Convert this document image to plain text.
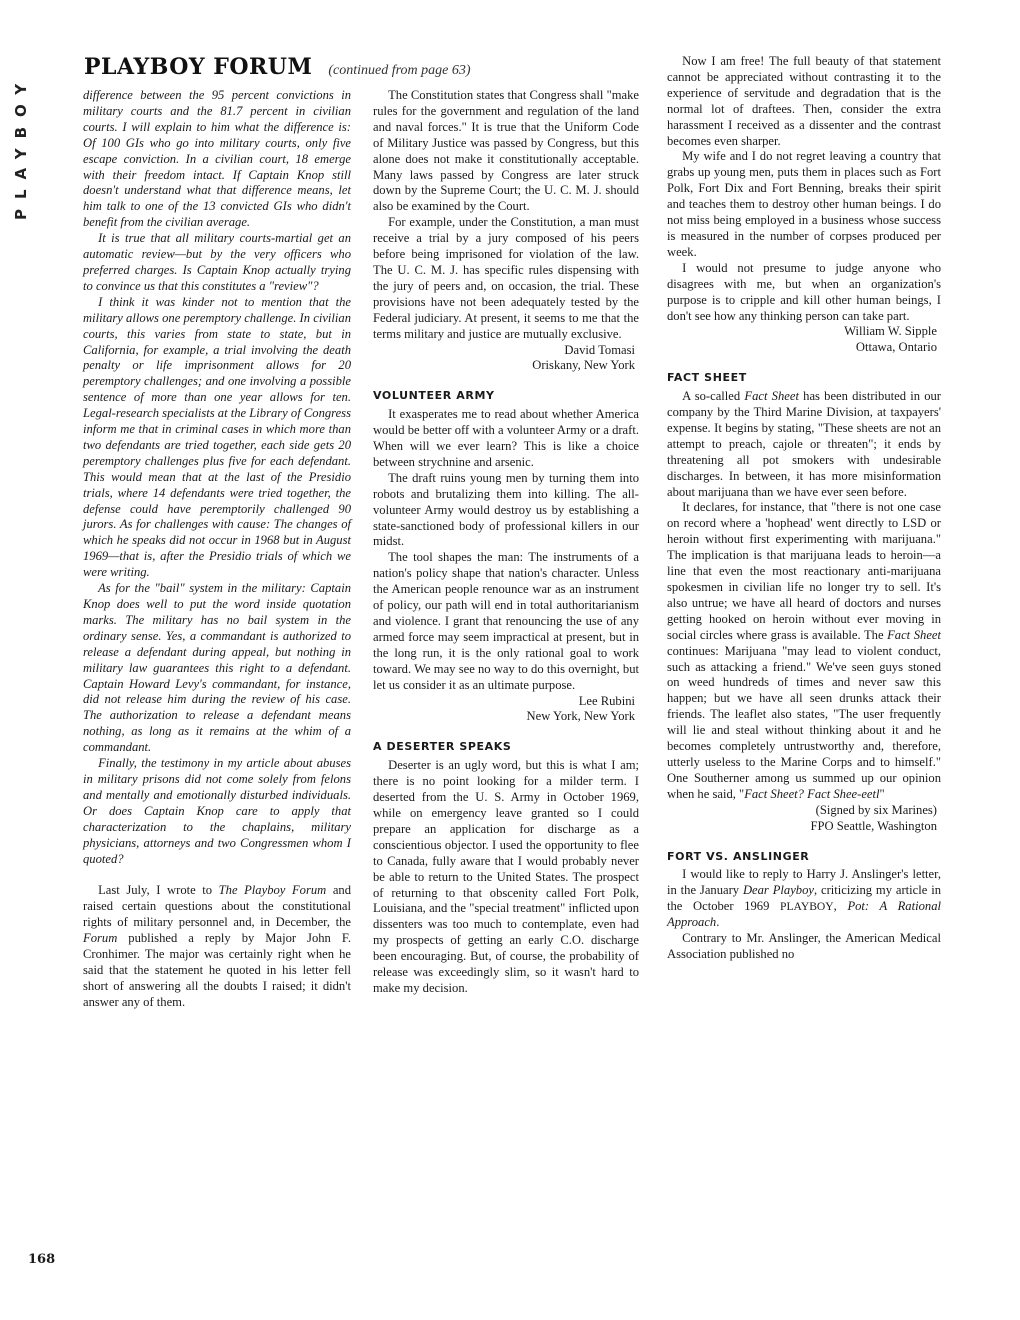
PLAYBOY
PLAYBOY FORUM (continued from page 63)
168

difference between the 95 percent convictions in military courts and the 81.7 percent in civilian courts. I will explain to him what the difference is: Of 100 GIs who go into military courts, only five escape conviction. In a civilian court, 18 emerge with their freedom intact. If Captain Knop still doesn't understand what that difference means, let him talk to one of the 13 convicted GIs who didn't benefit from the civilian average.

It is true that all military courts-martial get an automatic review—but by the very officers who preferred charges. Is Captain Knop actually trying to convince us that this constitutes a "review"?

I think it was kinder not to mention that the military allows one peremptory challenge. In civilian courts, this varies from state to state, but in California, for example, a trial involving the death penalty or life imprisonment allows for 20 peremptory challenges; and one involving a possible sentence of more than one year allows for ten. Legal-research specialists at the Library of Congress inform me that in criminal cases in which more than two defendants are tried together, each side gets 20 peremptory challenges plus five for each defendant. This would mean that at the last of the Presidio trials, where 14 defendants were tried together, the defense could have peremptorily challenged 90 jurors. As for challenges with cause: The changes of which he speaks did not occur in 1968 but in August 1969—that is, after the Presidio trials of which we were writing.

As for the "bail" system in the military: Captain Knop does well to put the word inside quotation marks. The military has no bail system in the ordinary sense. Yes, a commandant is authorized to release a defendant during appeal, but nothing in military law guarantees this right to a defendant. Captain Howard Levy's commandant, for instance, did not release him during the review of his case. The authorization to release a defendant means nothing, as long as it remains at the whim of a commandant.

Finally, the testimony in my article about abuses in military prisons did not come solely from felons and mentally and emotionally disturbed individuals. Or does Captain Knop care to apply that characterization to the chaplains, military physicians, attorneys and two Congressmen whom I quoted?

Last July, I wrote to The Playboy Forum and raised certain questions about the constitutional rights of military personnel and, in December, the Forum published a reply by Major John F. Cronhimer. The major was certainly right when he said that the statement he quoted in his letter fell short of answering all the doubts I raised; it didn't answer any of them.

The Constitution states that Congress shall "make rules for the government and regulation of the land and naval forces." It is true that the Uniform Code of Military Justice was passed by Congress, but this alone does not make it constitutionally acceptable. Many laws passed by Congress are later struck down by the Supreme Court; the U. C. M. J. should also be examined by the Court.

For example, under the Constitution, a man must receive a trial by a jury composed of his peers before being imprisoned for violation of the law. The U. C. M. J. has specific rules dispensing with the jury of peers and, on occasion, the trial. These provisions have not been adequately tested by the Federal judiciary. At present, it seems to me that the terms military and justice are mutually exclusive.

David Tomasi
Oriskany, New York
VOLUNTEER ARMY

It exasperates me to read about whether America would be better off with a volunteer Army or a draft. When will we ever learn? This is like a choice between strychnine and arsenic.

The draft ruins young men by turning them into robots and brutalizing them into killing. The all-volunteer Army would destroy us by establishing a state-sanctioned body of professional killers in our midst.

The tool shapes the man: The instruments of a nation's policy shape that nation's character. Unless the American people renounce war as an instrument of policy, our path will end in total authoritarianism and violence. I grant that renouncing the use of any armed force may seem impractical at present, but in the long run, it is the only rational goal to work toward. We may see no way to do this overnight, but let us consider it as an ultimate purpose.

Lee Rubini
New York, New York
A DESERTER SPEAKS

Deserter is an ugly word, but this is what I am; there is no point looking for a milder term. I deserted from the U. S. Army in October 1969, while on emergency leave granted so I could prepare an application for discharge as a conscientious objector. I used the opportunity to flee to Canada, fully aware that I would probably never be able to return to the United States. The prospect of returning to that obscenity called Fort Polk, Louisiana, and the "special treatment" inflicted upon dissenters was too much to contemplate, even had my prospects of getting an early C.O. discharge been encouraging. But, of course, the probability of release was exceedingly slim, so it wasn't hard to make my decision.

Now I am free! The full beauty of that statement cannot be appreciated without contrasting it to the experience of servitude and degradation that is the normal lot of draftees. Then, consider the extra harassment I received as a dissenter and the contrast becomes even sharper.

My wife and I do not regret leaving a country that grabs up young men, puts them in places such as Fort Polk, Fort Dix and Fort Benning, breaks their spirit and teaches them to destroy other human beings. I do not miss being employed in a business whose success is measured in the number of corpses produced per week.

I would not presume to judge anyone who disagrees with me, but when an organization's purpose is to cripple and kill other human beings, I don't see how any thinking person can take part.

William W. Sipple
Ottawa, Ontario
FACT SHEET

A so-called Fact Sheet has been distributed in our company by the Third Marine Division, at taxpayers' expense. It begins by stating, "These sheets are not an attempt to preach, cajole or threaten"; it ends by threatening all pot smokers with undesirable discharges. In between, it has more misinformation about marijuana than we have ever seen before.

It declares, for instance, that "there is not one case on record where a 'hophead' went directly to LSD or heroin without first experimenting with marijuana." The implication is that marijuana leads to heroin—a line that even the most reactionary anti-marijuana spokesmen in civilian life no longer try to sell. It's also untrue; we have all heard of doctors and nurses getting hooked on heroin without ever moving in social circles where grass is available. The Fact Sheet continues: Marijuana "may lead to violent conduct, such as attacking a friend." We've seen guys stoned on weed hundreds of times and never saw this happen; but we have all seen drunks attack their friends. The leaflet also states, "The user frequently will lie and steal without thinking about it and he becomes completely untrustworthy and, therefore, utterly useless to the Marine Corps and to himself." One Southerner among us summed up our opinion when he said, "Fact Sheet? Fact Shee-eetl"

(Signed by six Marines)
FPO Seattle, Washington
FORT VS. ANSLINGER

I would like to reply to Harry J. Anslinger's letter, in the January Dear Playboy, criticizing my article in the October 1969 PLAYBOY, Pot: A Rational Approach.

Contrary to Mr. Anslinger, the American Medical Association published no
